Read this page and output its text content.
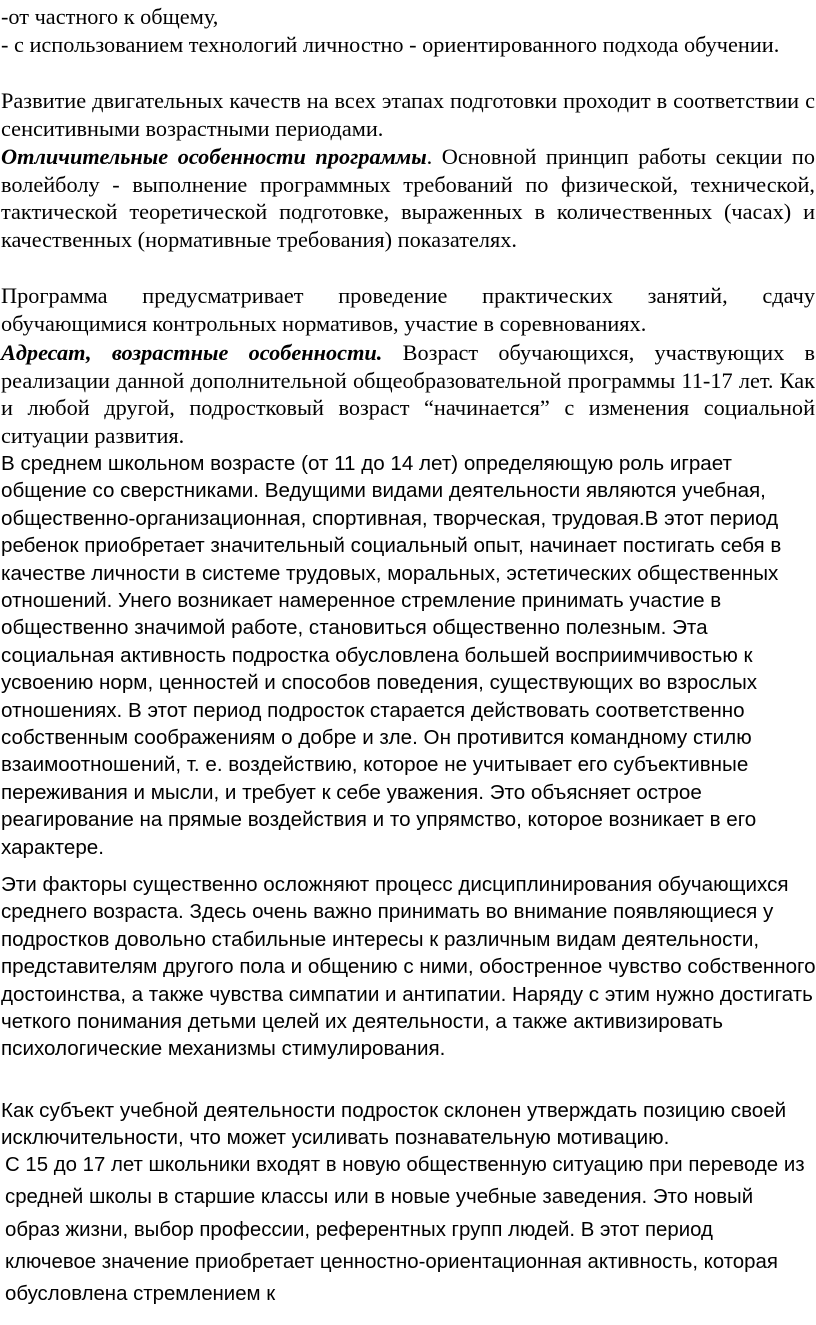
-от частного к общему,

- с использованием технологий личностно - ориентированного подхода обучении.

Развитие двигательных качеств на всех этапах подготовки проходит в соответствии с сенситивными возрастными периодами.

Отличительные особенности программы. Основной принцип работы секции по волейболу - выполнение программных требований по физической, технической, тактической теоретической подготовке, выраженных в количественных (часах) и качественных (нормативные требования) показателях.

Программа предусматривает проведение практических занятий, сдачу обучающимися контрольных нормативов, участие в соревнованиях.

Адресат, возрастные особенности. Возраст обучающихся, участвующих в реализации данной дополнительной общеобразовательной программы 11-17 лет. Как и любой другой, подростковый возраст “начинается” с изменения социальной ситуации развития.

В среднем школьном возрасте (от 11 до 14 лет) определяющую роль играет общение со сверстниками. Ведущими видами деятельности являются учебная, общественно-организационная, спортивная, творческая, трудовая.В этот период ребенок приобретает значительный социальный опыт, начинает постигать себя в качестве личности в системе трудовых, моральных, эстетических общественных отношений. Унего возникает намеренное стремление принимать участие в общественно значимой работе, становиться общественно полезным. Эта социальная активность подростка обусловлена большей восприимчивостью к усвоению норм, ценностей и способов поведения, существующих во взрослых отношениях. В этот период подросток старается действовать соответственно собственным соображениям о добре и зле. Он противится командному стилю взаимоотношений, т. е. воздействию, которое не учитывает его субъективные переживания и мысли, и требует к себе уважения. Это объясняет острое реагирование на прямые воздействия и то упрямство, которое возникает в его характере.

Эти факторы существенно осложняют процесс дисциплинирования обучающихся среднего возраста. Здесь очень важно принимать во внимание появляющиеся у подростков довольно стабильные интересы к различным видам деятельности, представителям другого пола и общению с ними, обостренное чувство собственного достоинства, а также чувства симпатии и антипатии. Наряду с этим нужно достигать четкого понимания детьми целей их деятельности, а также активизировать психологические механизмы стимулирования.

Как субъект учебной деятельности подросток склонен утверждать позицию своей исключительности, что может усиливать познавательную мотивацию.

С 15 до 17 лет школьники входят в новую общественную ситуацию при переводе из средней школы в старшие классы или в новые учебные заведения. Это новый образ жизни, выбор профессии, референтных групп людей. В этот период ключевое значение приобретает ценностно-ориентационная активность, которая обусловлена стремлением к
